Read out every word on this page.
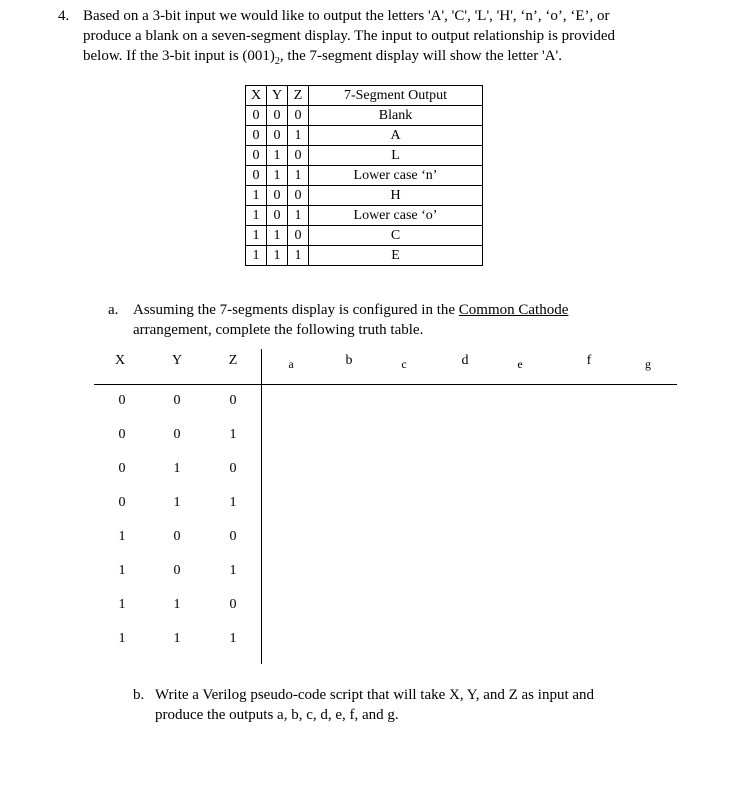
4. Based on a 3-bit input we would like to output the letters 'A', 'C', 'L', 'H', ‘n’, ‘o’, ‘E’, or
produce a blank on a seven-segment display. The input to output relationship is provided
below. If the 3-bit input is $(001)_2$, the 7-segment display will show the letter 'A'.
X	Y	Z	7-Segment Output
0	0	0	Blank
0	0	1	A
0	1	0	L
0	1	1	Lower case ‘n’
1	0	0	H
1	0	1	Lower case ‘o’
1	1	0	C
1	1	1	E
a. Assuming the 7-segments display is configured in the Common Cathode
arrangement, complete the following truth table.
X	Y	Z	a	b	c	d	e	f	g
0	0	0
0	0	1
0	1	0
0	1	1
1	0	0
1	0	1
1	1	0
1	1	1
b. Write a Verilog pseudo-code script that will take X, Y, and Z as input and
produce the outputs a, b, c, d, e, f, and g.
